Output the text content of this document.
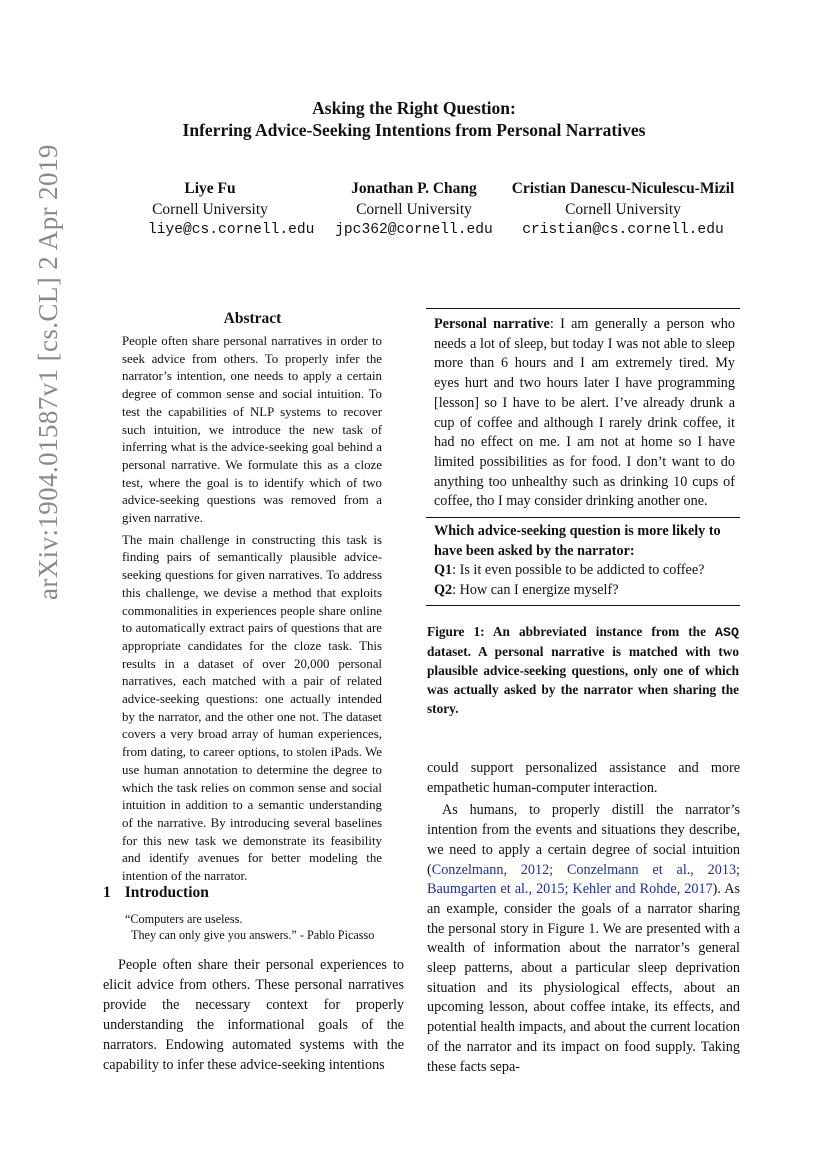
Asking the Right Question:
Inferring Advice-Seeking Intentions from Personal Narratives
Liye Fu
Cornell University
liye@cs.cornell.edu
Jonathan P. Chang
Cornell University
jpc362@cornell.edu
Cristian Danescu-Niculescu-Mizil
Cornell University
cristian@cs.cornell.edu
arXiv:1904.01587v1 [cs.CL] 2 Apr 2019	Abstract

People often share personal narratives in order to seek advice from others. To properly infer the narrator’s intention, one needs to apply a certain degree of common sense and social intuition. To test the capabilities of NLP systems to recover such intuition, we introduce the new task of inferring what is the advice-seeking goal behind a personal narrative. We formulate this as a cloze test, where the goal is to identify which of two advice-seeking questions was removed from a given narrative.

The main challenge in constructing this task is finding pairs of semantically plausible advice-seeking questions for given narratives. To address this challenge, we devise a method that exploits commonalities in experiences people share online to automatically extract pairs of questions that are appropriate candidates for the cloze task. This results in a dataset of over 20,000 personal narratives, each matched with a pair of related advice-seeking questions: one actually intended by the narrator, and the other one not. The dataset covers a very broad array of human experiences, from dating, to career options, to stolen iPads. We use human annotation to determine the degree to which the task relies on common sense and social intuition in addition to a semantic understanding of the narrative. By introducing several baselines for this new task we demonstrate its feasibility and identify avenues for better modeling the intention of the narrator.

1 Introduction
“Computers are useless.
They can only give you answers.” - Pablo Picasso

People often share their personal experiences to elicit advice from others. These personal narratives provide the necessary context for properly understanding the informational goals of the narrators. Endowing automated systems with the capability to infer these advice-seeking intentions

Personal narrative: I am generally a person who needs a lot of sleep, but today I was not able to sleep more than 6 hours and I am extremely tired. My eyes hurt and two hours later I have programming [lesson] so I have to be alert. I’ve already drunk a cup of coffee and although I rarely drink coffee, it had no effect on me. I am not at home so I have limited possibilities as for food. I don’t want to do anything too unhealthy such as drinking 10 cups of coffee, tho I may consider drinking another one.
Which advice-seeking question is more likely to have been asked by the narrator:
Q1: Is it even possible to be addicted to coffee?
Q2: How can I energize myself?
Figure 1: An abbreviated instance from the ASQ dataset. A personal narrative is matched with two plausible advice-seeking questions, only one of which was actually asked by the narrator when sharing the story.

could support personalized assistance and more empathetic human-computer interaction.

As humans, to properly distill the narrator’s intention from the events and situations they describe, we need to apply a certain degree of social intuition (Conzelmann, 2012; Conzelmann et al., 2013; Baumgarten et al., 2015; Kehler and Rohde, 2017). As an example, consider the goals of a narrator sharing the personal story in Figure 1. We are presented with a wealth of information about the narrator’s general sleep patterns, about a particular sleep deprivation situation and its physiological effects, about an upcoming lesson, about coffee intake, its effects, and potential health impacts, and about the current location of the narrator and its impact on food supply. Taking these facts sepa-
